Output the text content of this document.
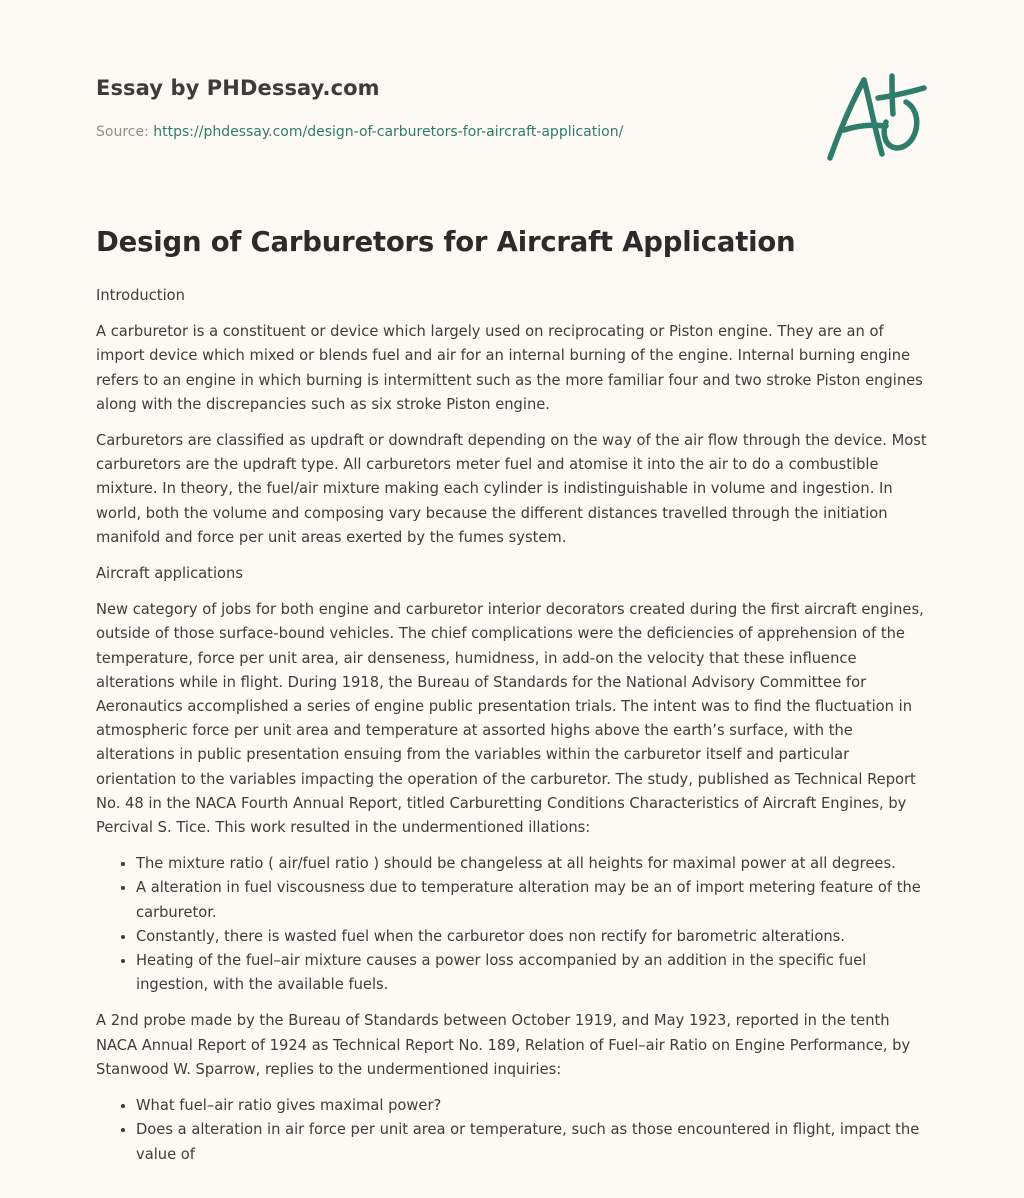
Essay by PHDessay.com
Source: https://phdessay.com/design-of-carburetors-for-aircraft-application/
Design of Carburetors for Aircraft Application

Introduction

A carburetor is a constituent or device which largely used on reciprocating or Piston engine. They are an of import device which mixed or blends fuel and air for an internal burning of the engine. Internal burning engine refers to an engine in which burning is intermittent such as the more familiar four and two stroke Piston engines along with the discrepancies such as six stroke Piston engine.

Carburetors are classified as updraft or downdraft depending on the way of the air flow through the device. Most carburetors are the updraft type. All carburetors meter fuel and atomise it into the air to do a combustible mixture. In theory, the fuel/air mixture making each cylinder is indistinguishable in volume and ingestion. In world, both the volume and composing vary because the different distances travelled through the initiation manifold and force per unit areas exerted by the fumes system.

Aircraft applications

New category of jobs for both engine and carburetor interior decorators created during the first aircraft engines, outside of those surface-bound vehicles. The chief complications were the deficiencies of apprehension of the temperature, force per unit area, air denseness, humidness, in add-on the velocity that these influence alterations while in flight. During 1918, the Bureau of Standards for the National Advisory Committee for Aeronautics accomplished a series of engine public presentation trials. The intent was to find the fluctuation in atmospheric force per unit area and temperature at assorted highs above the earth’s surface, with the alterations in public presentation ensuing from the variables within the carburetor itself and particular orientation to the variables impacting the operation of the carburetor. The study, published as Technical Report No. 48 in the NACA Fourth Annual Report, titled Carburetting Conditions Characteristics of Aircraft Engines, by Percival S. Tice. This work resulted in the undermentioned illations:

• The mixture ratio ( air/fuel ratio ) should be changeless at all heights for maximal power at all degrees.
• A alteration in fuel viscousness due to temperature alteration may be an of import metering feature of the carburetor.
• Constantly, there is wasted fuel when the carburetor does non rectify for barometric alterations.
• Heating of the fuel–air mixture causes a power loss accompanied by an addition in the specific fuel ingestion, with the available fuels.

A 2nd probe made by the Bureau of Standards between October 1919, and May 1923, reported in the tenth NACA Annual Report of 1924 as Technical Report No. 189, Relation of Fuel–air Ratio on Engine Performance, by Stanwood W. Sparrow, replies to the undermentioned inquiries:

• What fuel–air ratio gives maximal power?
• Does a alteration in air force per unit area or temperature, such as those encountered in flight, impact the value of
